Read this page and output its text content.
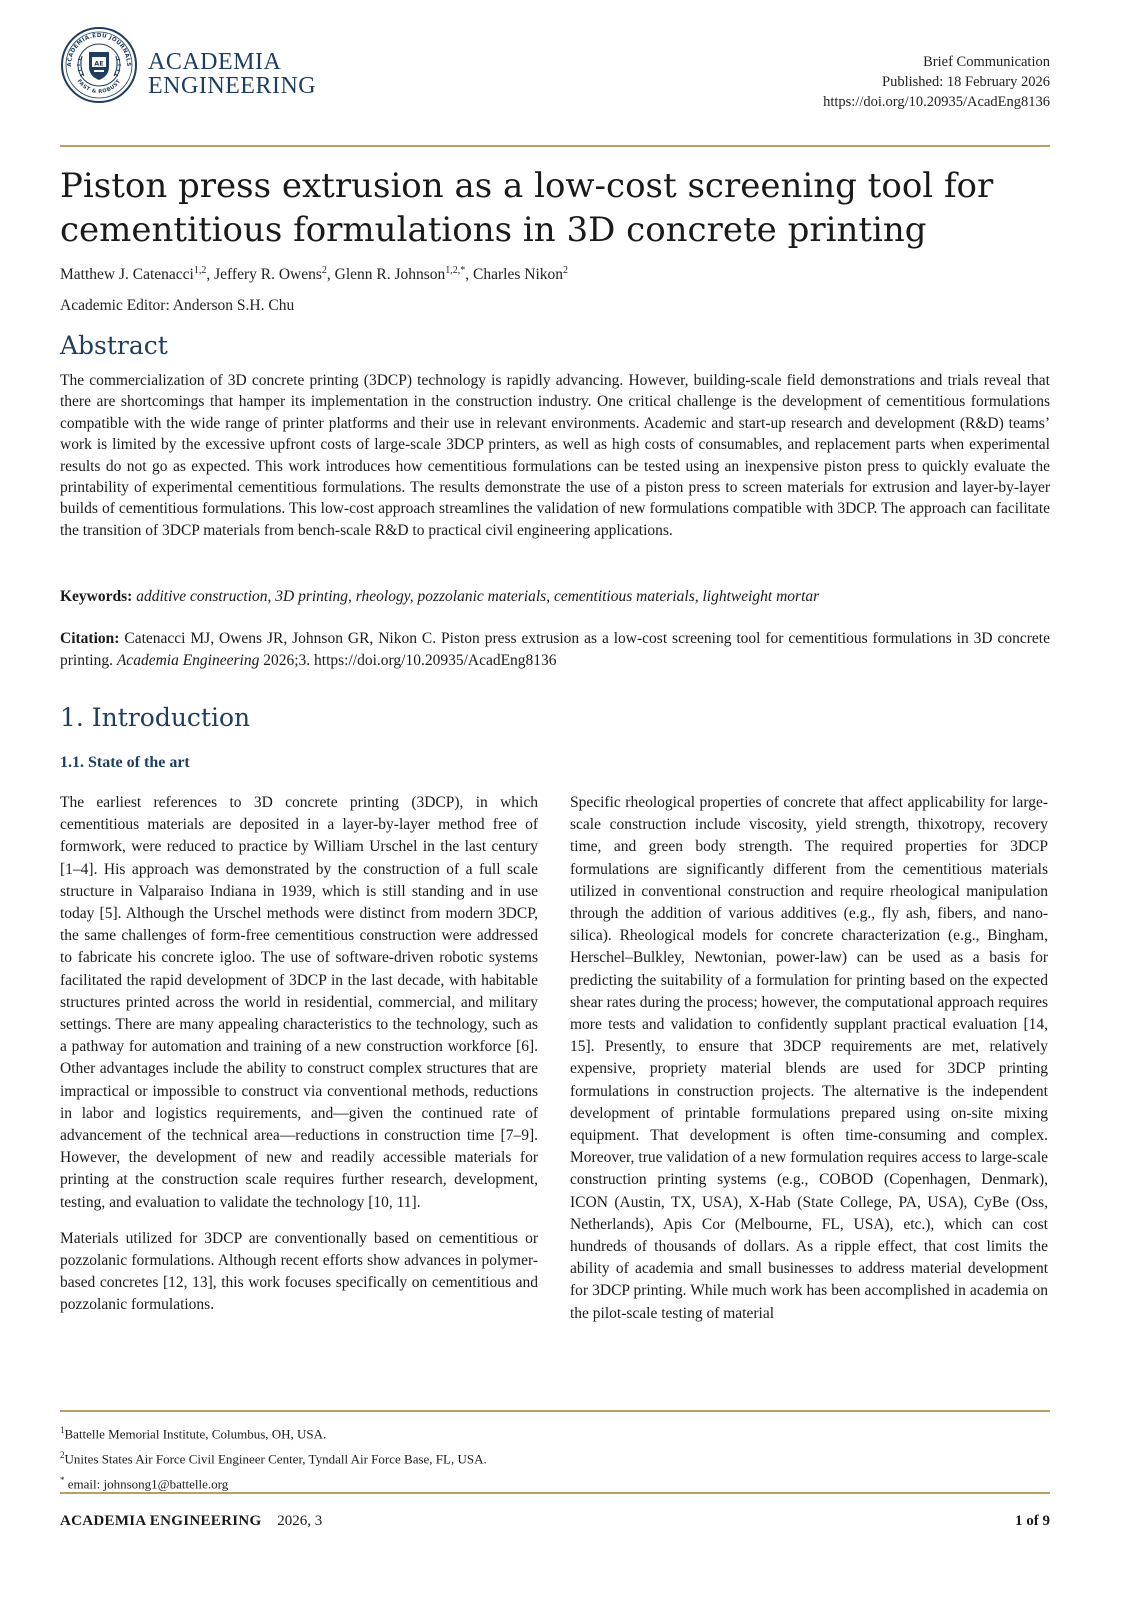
ACADEMIA.EDU JOURNALS
FAST & ROBUST
AE ACADEMIA
ENGINEERING
Brief Communication
Published: 18 February 2026
https://doi.org/10.20935/AcadEng8136
Piston press extrusion as a low-cost screening tool for cementitious formulations in 3D concrete printing
Matthew J. Catenacci$^{1,2}$, Jeffery R. Owens$^2$, Glenn R. Johnson$^{1,2,*}$, Charles Nikon$^2$
Academic Editor: Anderson S.H. Chu
Abstract

The commercialization of 3D concrete printing (3DCP) technology is rapidly advancing. However, building-scale field demonstrations and trials reveal that there are shortcomings that hamper its implementation in the construction industry. One critical challenge is the development of cementitious formulations compatible with the wide range of printer platforms and their use in relevant environments. Academic and start-up research and development (R&D) teams’ work is limited by the excessive upfront costs of large-scale 3DCP printers, as well as high costs of consumables, and replacement parts when experimental results do not go as expected. This work introduces how cementitious formulations can be tested using an inexpensive piston press to quickly evaluate the printability of experimental cementitious formulations. The results demonstrate the use of a piston press to screen materials for extrusion and layer-by-layer builds of cementitious formulations. This low-cost approach streamlines the validation of new formulations compatible with 3DCP. The approach can facilitate the transition of 3DCP materials from bench-scale R&D to practical civil engineering applications.

Keywords: additive construction, 3D printing, rheology, pozzolanic materials, cementitious materials, lightweight mortar

Citation: Catenacci MJ, Owens JR, Johnson GR, Nikon C. Piston press extrusion as a low-cost screening tool for cementitious formulations in 3D concrete printing. Academia Engineering 2026;3. https://doi.org/10.20935/AcadEng8136

1. Introduction
1.1. State of the art

The earliest references to 3D concrete printing (3DCP), in which cementitious materials are deposited in a layer-by-layer method free of formwork, were reduced to practice by William Urschel in the last century [1–4]. His approach was demonstrated by the construction of a full scale structure in Valparaiso Indiana in 1939, which is still standing and in use today [5]. Although the Urschel methods were distinct from modern 3DCP, the same challenges of form-free cementitious construction were addressed to fabricate his concrete igloo. The use of software-driven robotic systems facilitated the rapid development of 3DCP in the last decade, with habitable structures printed across the world in residential, commercial, and military settings. There are many appealing characteristics to the technology, such as a pathway for automation and training of a new construction workforce [6]. Other advantages include the ability to construct complex structures that are impractical or impossible to construct via conventional methods, reductions in labor and logistics requirements, and—given the continued rate of advancement of the technical area—reductions in construction time [7–9]. However, the development of new and readily accessible materials for printing at the construction scale requires further research, development, testing, and evaluation to validate the technology [10, 11].

Materials utilized for 3DCP are conventionally based on cementitious or pozzolanic formulations. Although recent efforts show advances in polymer-based concretes [12, 13], this work focuses specifically on cementitious and pozzolanic formulations.

Specific rheological properties of concrete that affect applicability for large-scale construction include viscosity, yield strength, thixotropy, recovery time, and green body strength. The required properties for 3DCP formulations are significantly different from the cementitious materials utilized in conventional construction and require rheological manipulation through the addition of various additives (e.g., fly ash, fibers, and nano-silica). Rheological models for concrete characterization (e.g., Bingham, Herschel–Bulkley, Newtonian, power-law) can be used as a basis for predicting the suitability of a formulation for printing based on the expected shear rates during the process; however, the computational approach requires more tests and validation to confidently supplant practical evaluation [14, 15]. Presently, to ensure that 3DCP requirements are met, relatively expensive, propriety material blends are used for 3DCP printing formulations in construction projects. The alternative is the independent development of printable formulations prepared using on-site mixing equipment. That development is often time-consuming and complex. Moreover, true validation of a new formulation requires access to large-scale construction printing systems (e.g., COBOD (Copenhagen, Denmark), ICON (Austin, TX, USA), X-Hab (State College, PA, USA), CyBe (Oss, Netherlands), Apis Cor (Melbourne, FL, USA), etc.), which can cost hundreds of thousands of dollars. As a ripple effect, that cost limits the ability of academia and small businesses to address material development for 3DCP printing. While much work has been accomplished in academia on the pilot-scale testing of material

$^1$Battelle Memorial Institute, Columbus, OH, USA.
$^2$Unites States Air Force Civil Engineer Center, Tyndall Air Force Base, FL, USA.
* email: johnsong1@battelle.org
ACADEMIA ENGINEERING 2026, 3	1 of 9
